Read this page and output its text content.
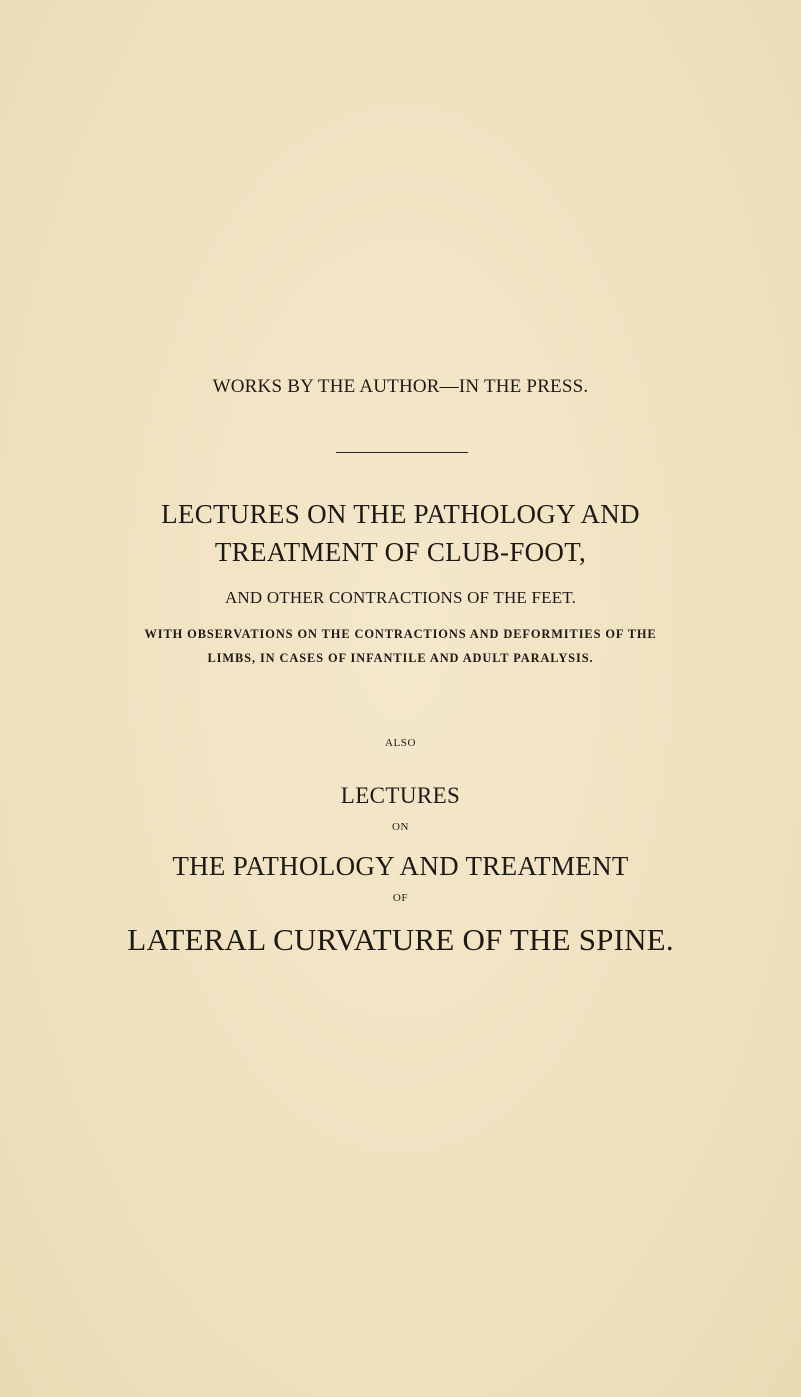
WORKS BY THE AUTHOR—IN THE PRESS.
LECTURES ON THE PATHOLOGY AND
TREATMENT OF CLUB-FOOT,
AND OTHER CONTRACTIONS OF THE FEET.
WITH OBSERVATIONS ON THE CONTRACTIONS AND DEFORMITIES OF THE
LIMBS, IN CASES OF INFANTILE AND ADULT PARALYSIS.
ALSO
LECTURES
ON
THE PATHOLOGY AND TREATMENT
OF
LATERAL CURVATURE OF THE SPINE.
